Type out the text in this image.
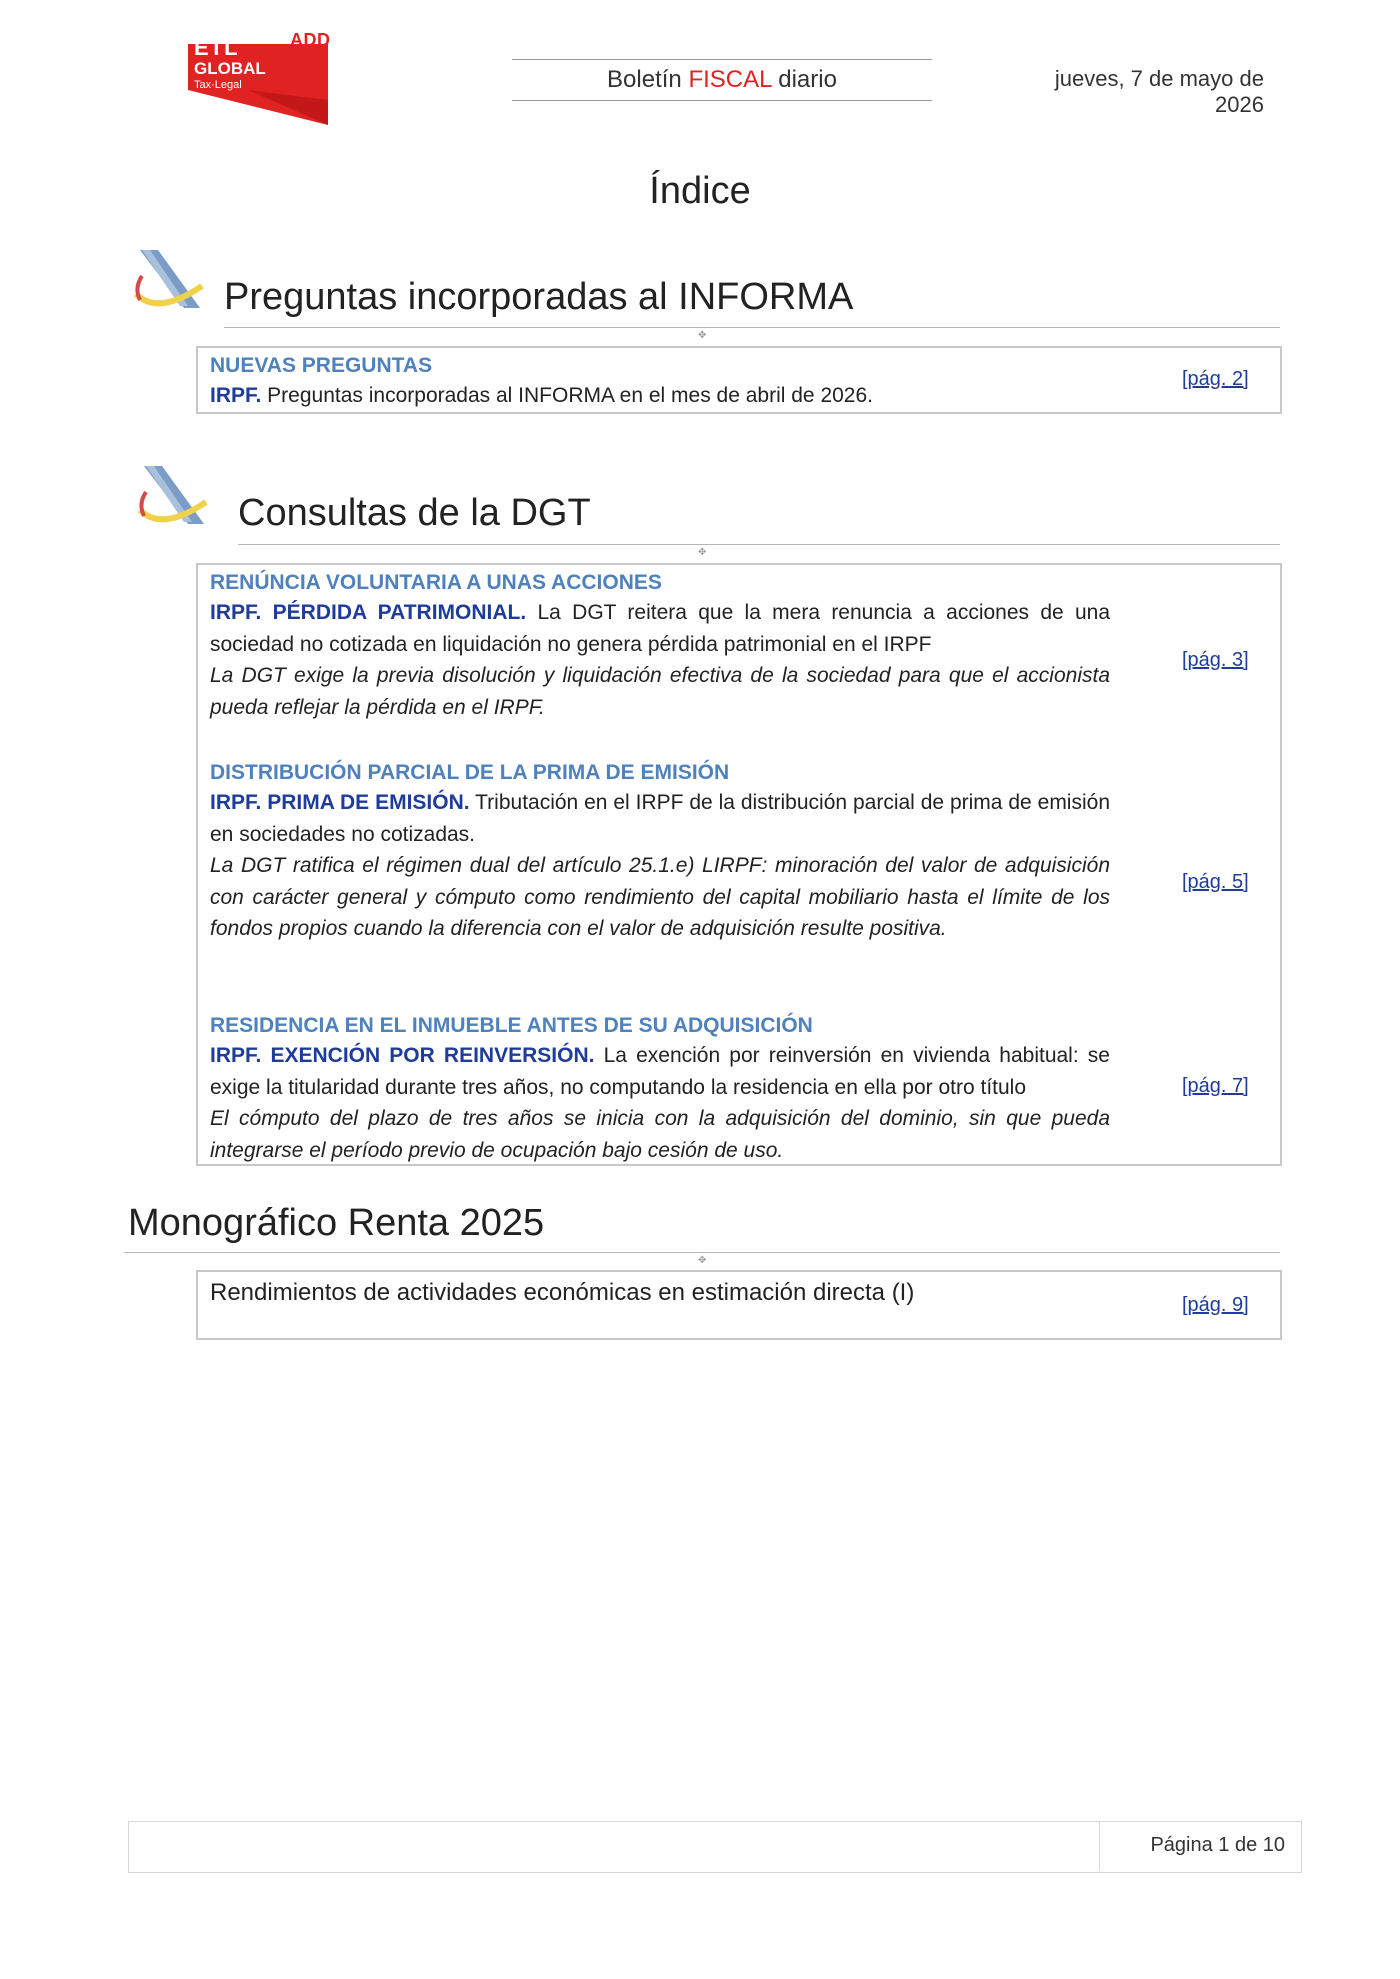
ADD
ETL
GLOBAL
Tax·Legal	Boletín FISCAL diario	jueves, 7 de mayo de 2026
Índice
Preguntas incorporadas al INFORMA
✥
NUEVAS PREGUNTAS
IRPF. Preguntas incorporadas al INFORMA en el mes de abril de 2026.
[pág. 2]
Consultas de la DGT
✥
RENÚNCIA VOLUNTARIA A UNAS ACCIONES
IRPF. PÉRDIDA PATRIMONIAL. La DGT reitera que la mera renuncia a acciones de una sociedad no cotizada en liquidación no genera pérdida patrimonial en el IRPF
La DGT exige la previa disolución y liquidación efectiva de la sociedad para que el accionista pueda reflejar la pérdida en el IRPF.
[pág. 3]
DISTRIBUCIÓN PARCIAL DE LA PRIMA DE EMISIÓN
IRPF. PRIMA DE EMISIÓN. Tributación en el IRPF de la distribución parcial de prima de emisión en sociedades no cotizadas.
La DGT ratifica el régimen dual del artículo 25.1.e) LIRPF: minoración del valor de adquisición con carácter general y cómputo como rendimiento del capital mobiliario hasta el límite de los fondos propios cuando la diferencia con el valor de adquisición resulte positiva.
[pág. 5]
RESIDENCIA EN EL INMUEBLE ANTES DE SU ADQUISICIÓN
IRPF. EXENCIÓN POR REINVERSIÓN. La exención por reinversión en vivienda habitual: se exige la titularidad durante tres años, no computando la residencia en ella por otro título
El cómputo del plazo de tres años se inicia con la adquisición del dominio, sin que pueda integrarse el período previo de ocupación bajo cesión de uso.
[pág. 7]
Monográfico Renta 2025
✥
Rendimientos de actividades económicas en estimación directa (I)	[pág. 9]
Página 1 de 10
